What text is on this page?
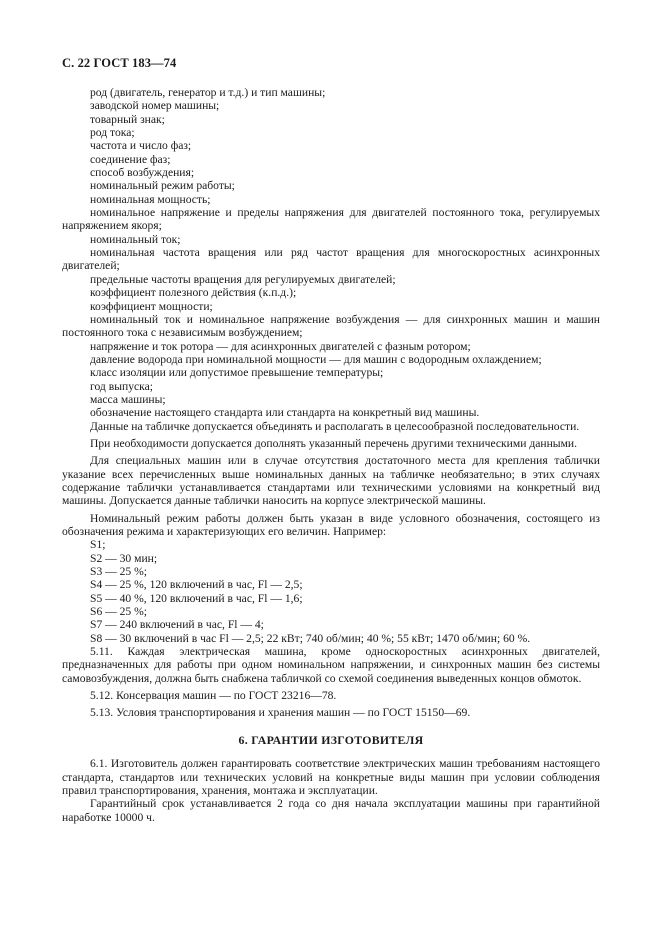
С. 22 ГОСТ 183—74
род (двигатель, генератор и т.д.) и тип машины;
заводской номер машины;
товарный знак;
род тока;
частота и число фаз;
соединение фаз;
способ возбуждения;
номинальный режим работы;
номинальная мощность;

номинальное напряжение и пределы напряжения для двигателей постоянного тока, регулируемых напряжением якоря;

номинальный ток;

номинальная частота вращения или ряд частот вращения для многоскоростных асинхронных двигателей;

предельные частоты вращения для регулируемых двигателей;
коэффициент полезного действия (к.п.д.);
коэффициент мощности;

номинальный ток и номинальное напряжение возбуждения — для синхронных машин и машин постоянного тока с независимым возбуждением;

напряжение и ток ротора — для асинхронных двигателей с фазным ротором;
давление водорода при номинальной мощности — для машин с водородным охлаждением;
класс изоляции или допустимое превышение температуры;
год выпуска;
масса машины;
обозначение настоящего стандарта или стандарта на конкретный вид машины.

Данные на табличке допускается объединять и располагать в целесообразной последовательности.

При необходимости допускается дополнять указанный перечень другими техническими данными.

Для специальных машин или в случае отсутствия достаточного места для крепления таблички указание всех перечисленных выше номинальных данных на табличке необязательно; в этих случаях содержание таблички устанавливается стандартами или техническими условиями на конкретный вид машины. Допускается данные таблички наносить на корпусе электрической машины.

Номинальный режим работы должен быть указан в виде условного обозначения, состоящего из обозначения режима и характеризующих его величин. Например:

S1;
S2 — 30 мин;
S3 — 25 %;
S4 — 25 %, 120 включений в час, Fl — 2,5;
S5 — 40 %, 120 включений в час, Fl — 1,6;
S6 — 25 %;
S7 — 240 включений в час, Fl — 4;
S8 — 30 включений в час Fl — 2,5; 22 кВт; 740 об/мин; 40 %; 55 кВт; 1470 об/мин; 60 %.

5.11. Каждая электрическая машина, кроме односкоростных асинхронных двигателей, предназначенных для работы при одном номинальном напряжении, и синхронных машин без системы самовозбуждения, должна быть снабжена табличкой со схемой соединения выведенных концов обмоток.

5.12. Консервация машин — по ГОСТ 23216—78.

5.13. Условия транспортирования и хранения машин — по ГОСТ 15150—69.

6. ГАРАНТИИ ИЗГОТОВИТЕЛЯ

6.1. Изготовитель должен гарантировать соответствие электрических машин требованиям настоящего стандарта, стандартов или технических условий на конкретные виды машин при условии соблюдения правил транспортирования, хранения, монтажа и эксплуатации.

Гарантийный срок устанавливается 2 года со дня начала эксплуатации машины при гарантийной наработке 10000 ч.
